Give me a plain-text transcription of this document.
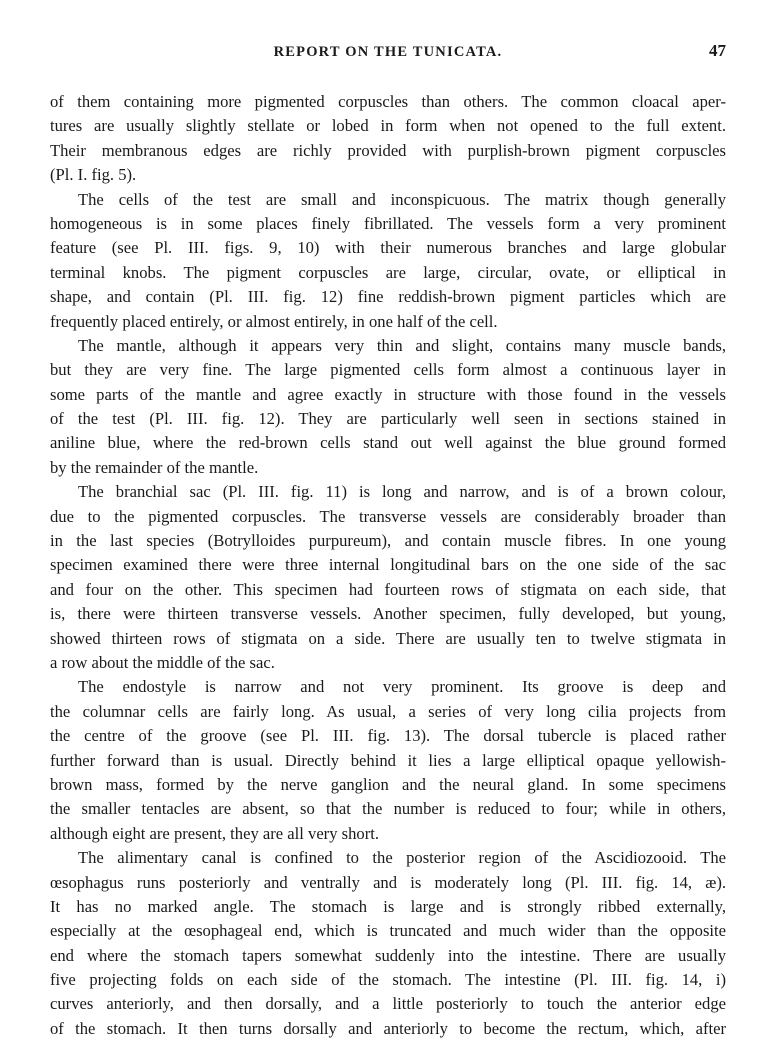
REPORT ON THE TUNICATA.	47
of them containing more pigmented corpuscles than others. The common cloacal aper-
tures are usually slightly stellate or lobed in form when not opened to the full extent.
Their membranous edges are richly provided with purplish-brown pigment corpuscles
(Pl. I. fig. 5).
The cells of the test are small and inconspicuous. The matrix though generally
homogeneous is in some places finely fibrillated. The vessels form a very prominent
feature (see Pl. III. figs. 9, 10) with their numerous branches and large globular
terminal knobs. The pigment corpuscles are large, circular, ovate, or elliptical in
shape, and contain (Pl. III. fig. 12) fine reddish-brown pigment particles which are
frequently placed entirely, or almost entirely, in one half of the cell.
The mantle, although it appears very thin and slight, contains many muscle bands,
but they are very fine. The large pigmented cells form almost a continuous layer in
some parts of the mantle and agree exactly in structure with those found in the vessels
of the test (Pl. III. fig. 12). They are particularly well seen in sections stained in
aniline blue, where the red-brown cells stand out well against the blue ground formed
by the remainder of the mantle.
The branchial sac (Pl. III. fig. 11) is long and narrow, and is of a brown colour,
due to the pigmented corpuscles. The transverse vessels are considerably broader than
in the last species (Botrylloides purpureum), and contain muscle fibres. In one young
specimen examined there were three internal longitudinal bars on the one side of the sac
and four on the other. This specimen had fourteen rows of stigmata on each side, that
is, there were thirteen transverse vessels. Another specimen, fully developed, but young,
showed thirteen rows of stigmata on a side. There are usually ten to twelve stigmata in
a row about the middle of the sac.
The endostyle is narrow and not very prominent. Its groove is deep and
the columnar cells are fairly long. As usual, a series of very long cilia projects from
the centre of the groove (see Pl. III. fig. 13). The dorsal tubercle is placed rather
further forward than is usual. Directly behind it lies a large elliptical opaque yellowish-
brown mass, formed by the nerve ganglion and the neural gland. In some specimens
the smaller tentacles are absent, so that the number is reduced to four; while in others,
although eight are present, they are all very short.
The alimentary canal is confined to the posterior region of the Ascidiozooid. The
œsophagus runs posteriorly and ventrally and is moderately long (Pl. III. fig. 14, æ).
It has no marked angle. The stomach is large and is strongly ribbed externally,
especially at the œsophageal end, which is truncated and much wider than the opposite
end where the stomach tapers somewhat suddenly into the intestine. There are usually
five projecting folds on each side of the stomach. The intestine (Pl. III. fig. 14, i)
curves anteriorly, and then dorsally, and a little posteriorly to touch the anterior edge
of the stomach. It then turns dorsally and anteriorly to become the rectum, which, after
